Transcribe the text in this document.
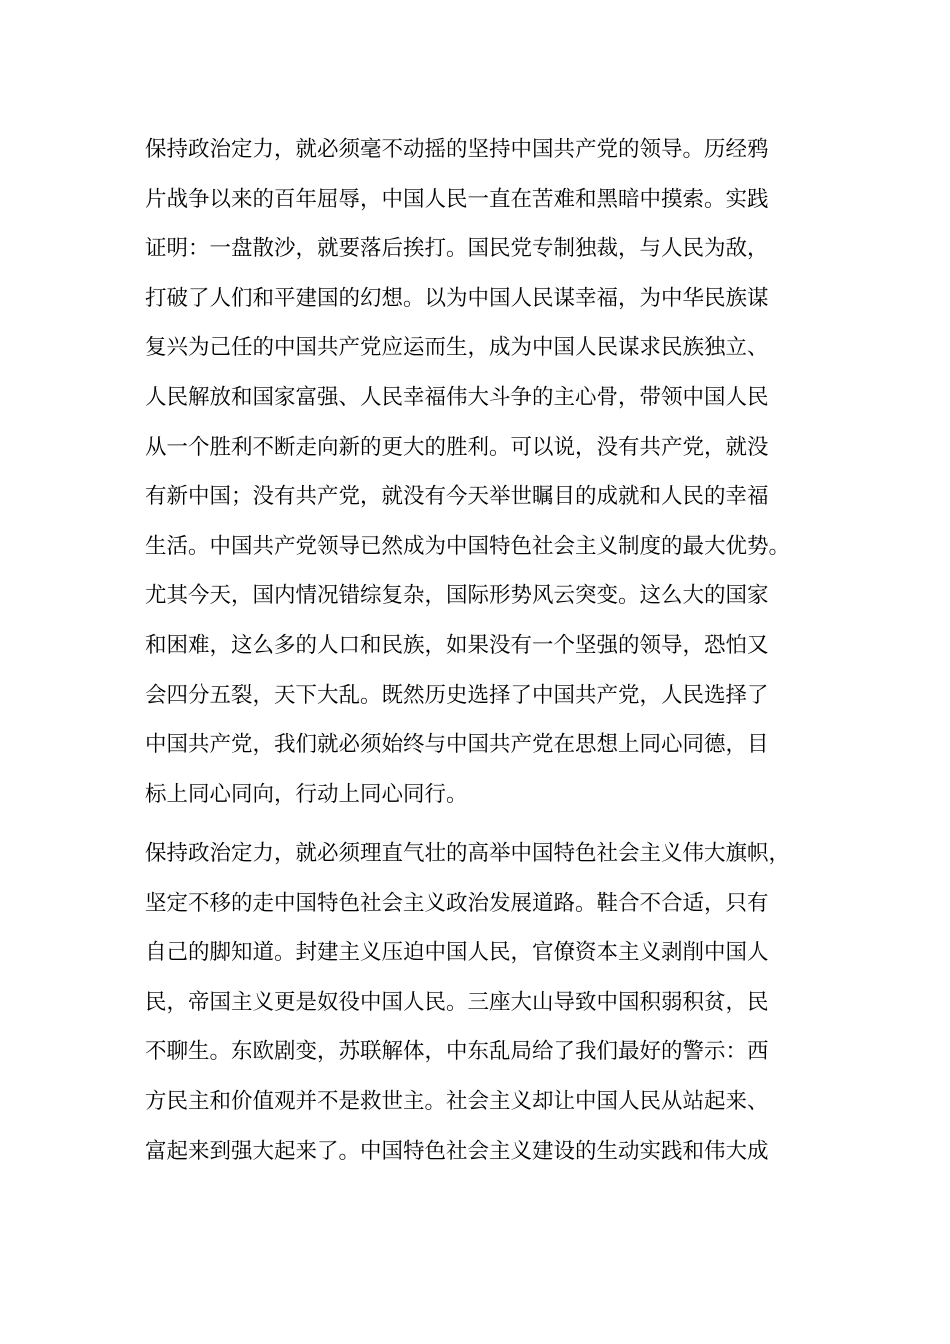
保持政治定力，就必须毫不动摇的坚持中国共产党的领导。历经鸦
片战争以来的百年屈辱，中国人民一直在苦难和黑暗中摸索。实践
证明：一盘散沙，就要落后挨打。国民党专制独裁，与人民为敌，
打破了人们和平建国的幻想。以为中国人民谋幸福，为中华民族谋
复兴为己任的中国共产党应运而生，成为中国人民谋求民族独立、
人民解放和国家富强、人民幸福伟大斗争的主心骨，带领中国人民
从一个胜利不断走向新的更大的胜利。可以说，没有共产党，就没
有新中国；没有共产党，就没有今天举世瞩目的成就和人民的幸福
生活。中国共产党领导已然成为中国特色社会主义制度的最大优势。
尤其今天，国内情况错综复杂，国际形势风云突变。这么大的国家
和困难，这么多的人口和民族，如果没有一个坚强的领导，恐怕又
会四分五裂，天下大乱。既然历史选择了中国共产党，人民选择了
中国共产党，我们就必须始终与中国共产党在思想上同心同德，目
标上同心同向，行动上同心同行。
保持政治定力，就必须理直气壮的高举中国特色社会主义伟大旗帜，
坚定不移的走中国特色社会主义政治发展道路。鞋合不合适，只有
自己的脚知道。封建主义压迫中国人民，官僚资本主义剥削中国人
民，帝国主义更是奴役中国人民。三座大山导致中国积弱积贫，民
不聊生。东欧剧变，苏联解体，中东乱局给了我们最好的警示：西
方民主和价值观并不是救世主。社会主义却让中国人民从站起来、
富起来到强大起来了。中国特色社会主义建设的生动实践和伟大成
